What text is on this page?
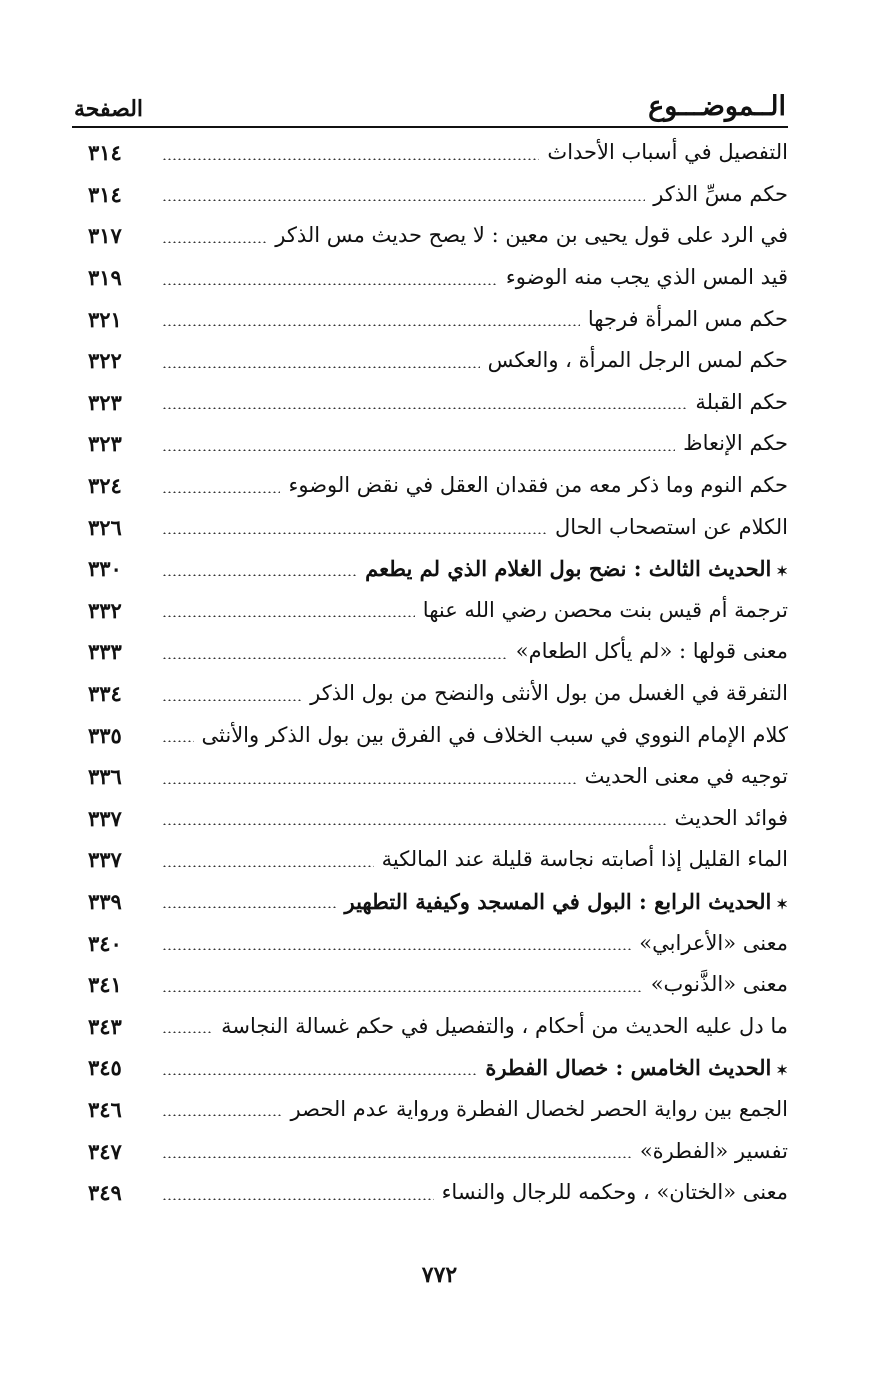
الــموضـــوع
الصفحة
التفصيل في أسباب الأحداث
٣١٤
حكم مسِّ الذكر
٣١٤
في الرد على قول يحيى بن معين : لا يصح حديث مس الذكر
٣١٧
قيد المس الذي يجب منه الوضوء
٣١٩
حكم مس المرأة فرجها
٣٢١
حكم لمس الرجل المرأة ، والعكس
٣٢٢
حكم القبلة
٣٢٣
حكم الإنعاظ
٣٢٣
حكم النوم وما ذكر معه من فقدان العقل في نقض الوضوء
٣٢٤
الكلام عن استصحاب الحال
٣٢٦
✶ الحديث الثالث : نضح بول الغلام الذي لم يطعم
٣٣٠
ترجمة أم قيس بنت محصن رضي الله عنها
٣٣٢
معنى قولها : «لم يأكل الطعام»
٣٣٣
التفرقة في الغسل من بول الأنثى والنضح من بول الذكر
٣٣٤
كلام الإمام النووي في سبب الخلاف في الفرق بين بول الذكر والأنثى
٣٣٥
توجيه في معنى الحديث
٣٣٦
فوائد الحديث
٣٣٧
الماء القليل إذا أصابته نجاسة قليلة عند المالكية
٣٣٧
✶ الحديث الرابع : البول في المسجد وكيفية التطهير
٣٣٩
معنى «الأعرابي»
٣٤٠
معنى «الذَّنوب»
٣٤١
ما دل عليه الحديث من أحكام ، والتفصيل في حكم غسالة النجاسة
٣٤٣
✶ الحديث الخامس : خصال الفطرة
٣٤٥
الجمع بين رواية الحصر لخصال الفطرة ورواية عدم الحصر
٣٤٦
تفسير «الفطرة»
٣٤٧
معنى «الختان» ، وحكمه للرجال والنساء
٣٤٩
٧٧٢
